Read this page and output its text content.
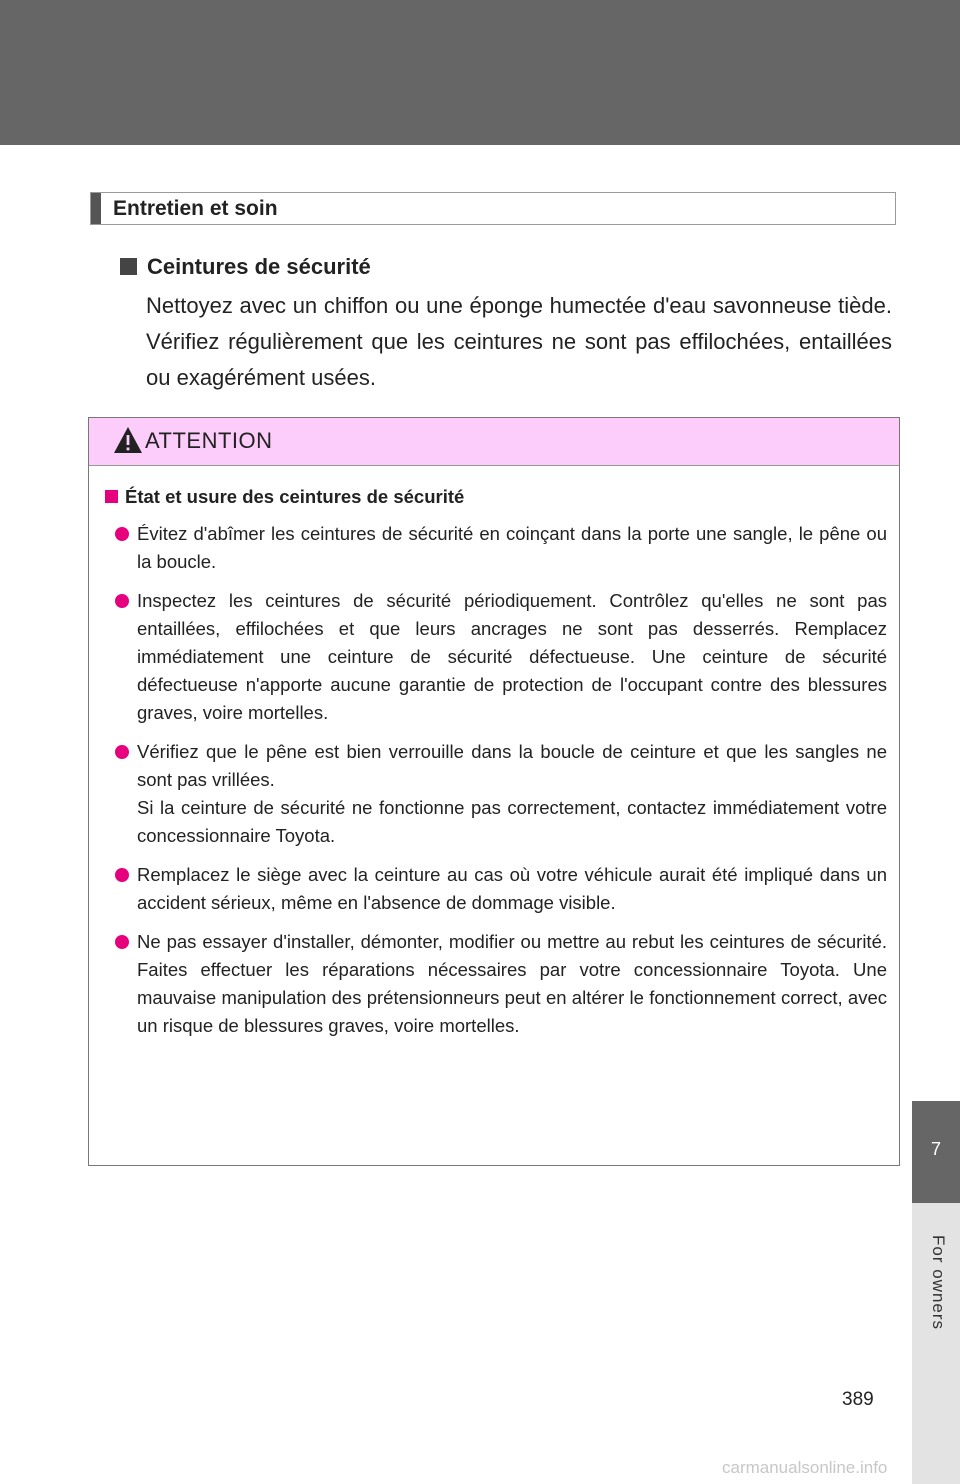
Entretien et soin
Ceintures de sécurité

Nettoyez avec un chiffon ou une éponge humectée d'eau savonneuse tiède. Vérifiez régulièrement que les ceintures ne sont pas effilochées, entaillées ou exagérément usées.

ATTENTION
État et usure des ceintures de sécurité

Évitez d'abîmer les ceintures de sécurité en coinçant dans la porte une sangle, le pêne ou la boucle.

Inspectez les ceintures de sécurité périodiquement. Contrôlez qu'elles ne sont pas entaillées, effilochées et que leurs ancrages ne sont pas desserrés. Remplacez immédiatement une ceinture de sécurité défectueuse. Une ceinture de sécurité défectueuse n'apporte aucune garantie de protection de l'occupant contre des blessures graves, voire mortelles.

Vérifiez que le pêne est bien verrouille dans la boucle de ceinture et que les sangles ne sont pas vrillées.

Si la ceinture de sécurité ne fonctionne pas correctement, contactez immédiatement votre concessionnaire Toyota.

Remplacez le siège avec la ceinture au cas où votre véhicule aurait été impliqué dans un accident sérieux, même en l'absence de dommage visible.

Ne pas essayer d'installer, démonter, modifier ou mettre au rebut les ceintures de sécurité. Faites effectuer les réparations nécessaires par votre concessionnaire Toyota. Une mauvaise manipulation des prétensionneurs peut en altérer le fonctionnement correct, avec un risque de blessures graves, voire mortelles.

7
For owners
389
carmanualsonline.info
